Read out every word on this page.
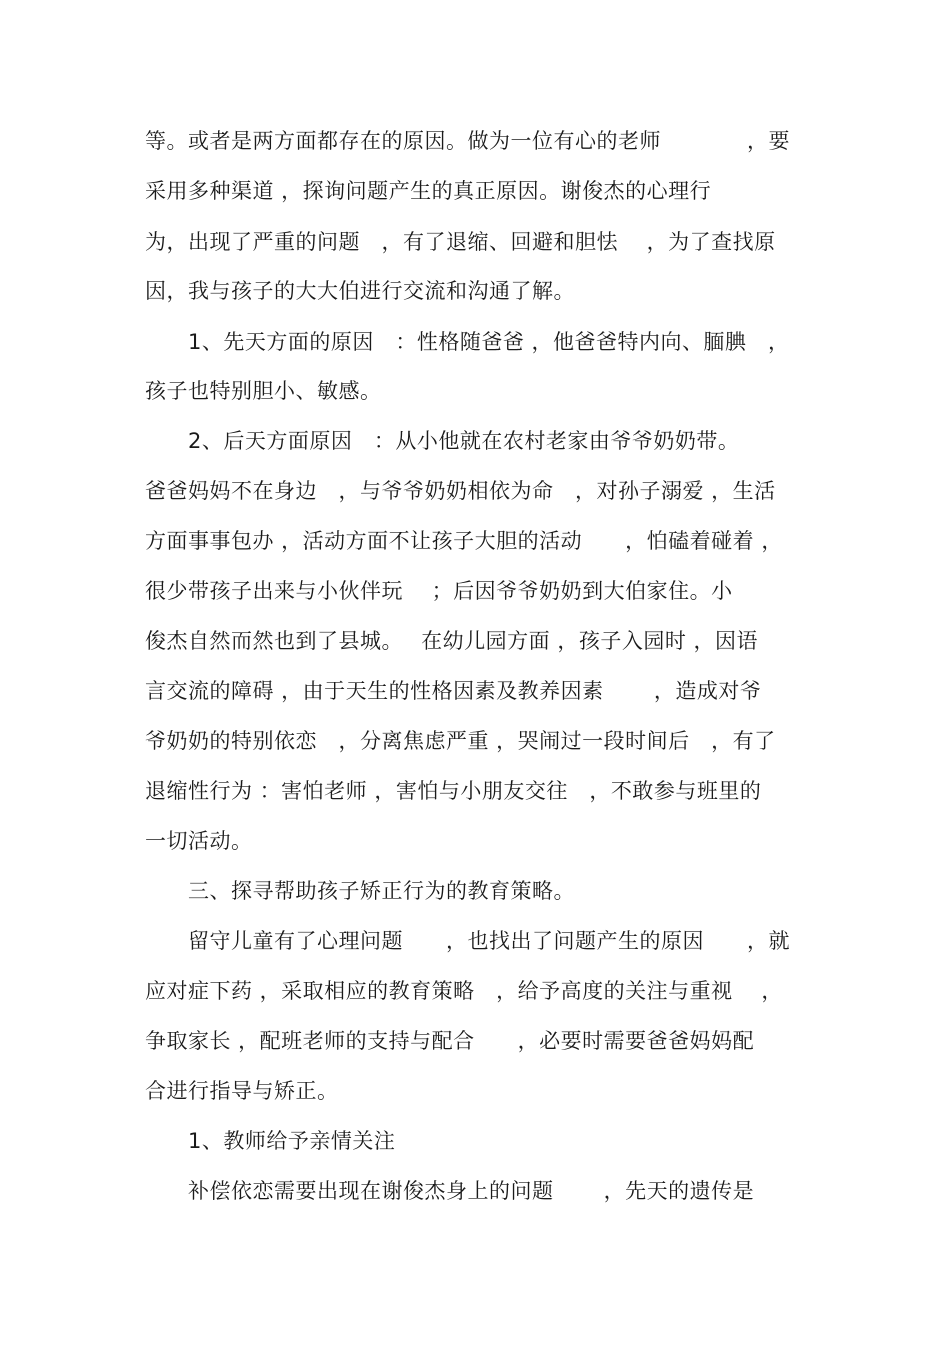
等。或者是两方面都存在的原因。做为一位有心的老师　　　　，要
采用多种渠道 ，探询问题产生的真正原因。谢俊杰的心理行
为，出现了严重的问题　，有了退缩、回避和胆怯　 ，为了查找原
因，我与孩子的大大伯进行交流和沟通了解。
　　1、先天方面的原因　：性格随爸爸 ，他爸爸特内向、腼腆　，
孩子也特别胆小、敏感。
　　2、后天方面原因　：从小他就在农村老家由爷爷奶奶带。
爸爸妈妈不在身边　，与爷爷奶奶相依为命　，对孙子溺爱 ，生活
方面事事包办 ，活动方面不让孩子大胆的活动　　，怕磕着碰着 ，
很少带孩子出来与小伙伴玩　 ；后因爷爷奶奶到大伯家住。小
俊杰自然而然也到了县城。　 在幼儿园方面 ，孩子入园时 ，因语
言交流的障碍 ，由于天生的性格因素及教养因素　　 ，造成对爷
爷奶奶的特别依恋　，分离焦虑严重 ，哭闹过一段时间后　，有了
退缩性行为 ：害怕老师 ，害怕与小朋友交往　，不敢参与班里的
一切活动。
　　三、探寻帮助孩子矫正行为的教育策略。
　　留守儿童有了心理问题　　，也找出了问题产生的原因　　，就
应对症下药 ，采取相应的教育策略　，给予高度的关注与重视　 ，
争取家长 ，配班老师的支持与配合　　，必要时需要爸爸妈妈配
合进行指导与矫正。
　　1、教师给予亲情关注
　　补偿依恋需要出现在谢俊杰身上的问题　　 ，先天的遗传是
